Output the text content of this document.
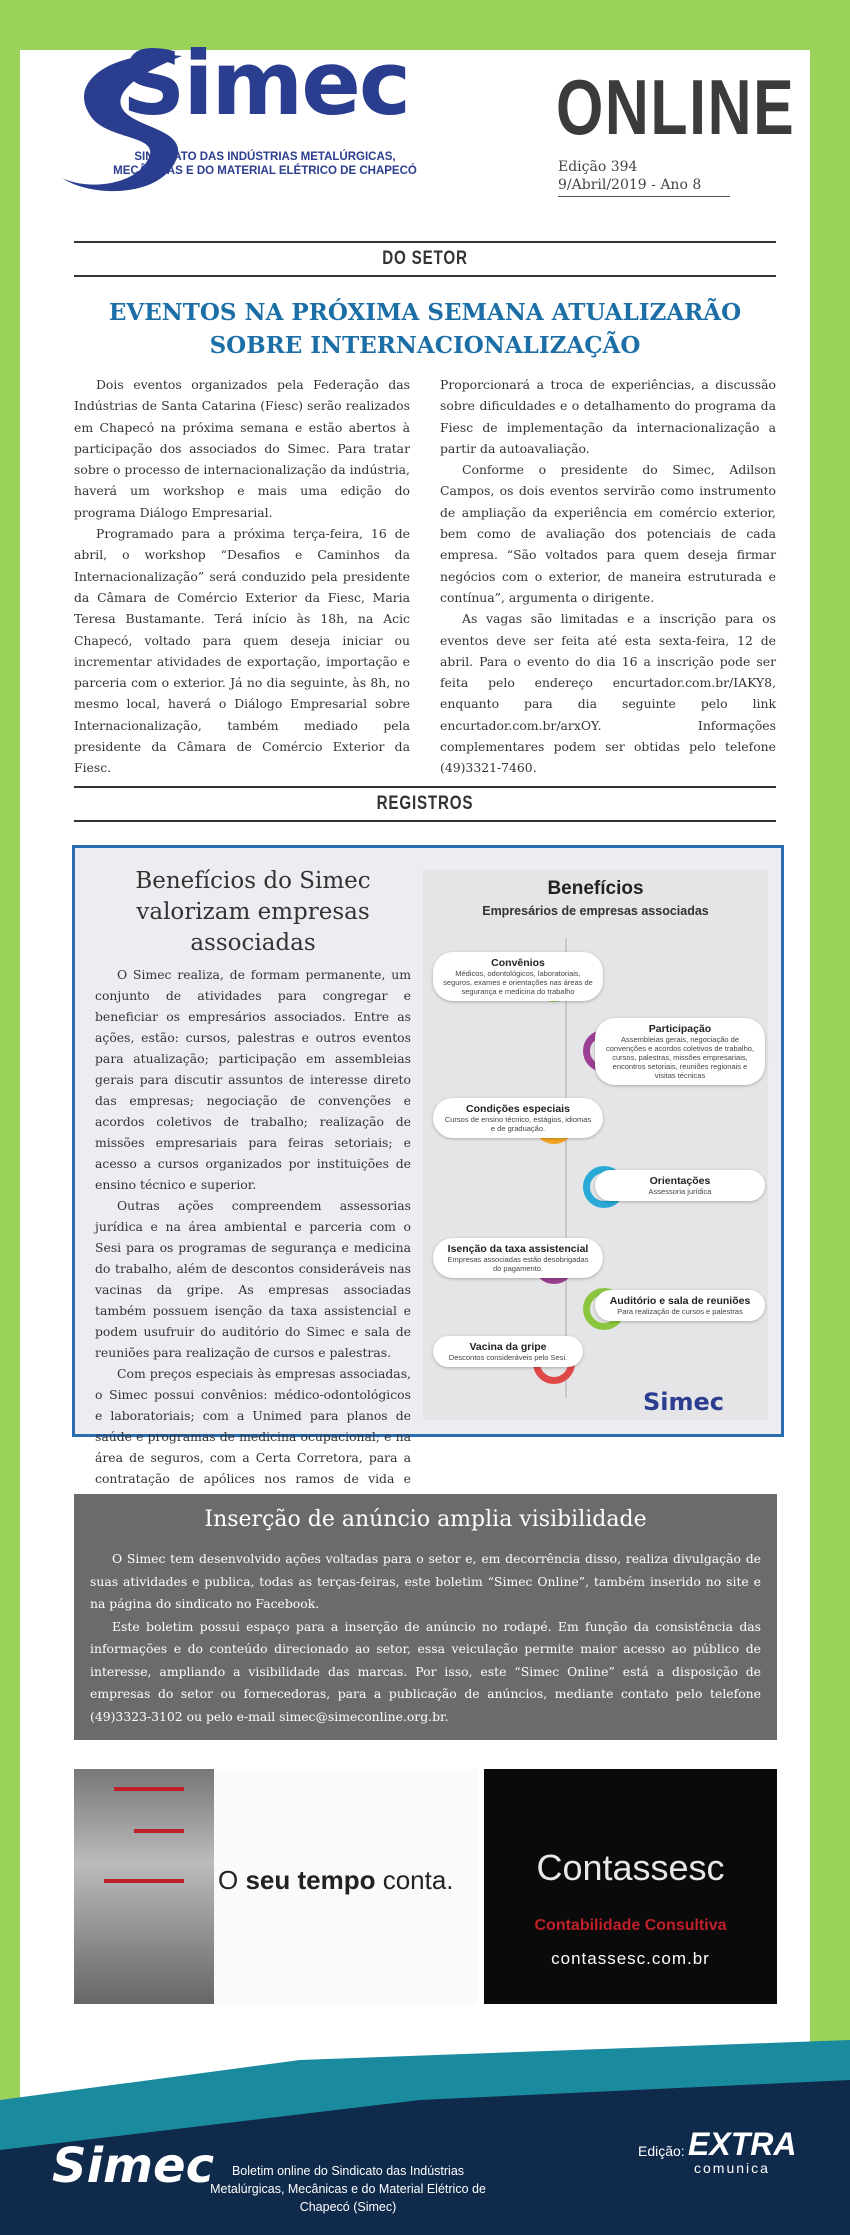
Simec
SINDICATO DAS INDÚSTRIAS METALÚRGICAS, MECÂNICAS E DO MATERIAL ELÉTRICO DE CHAPECÓ
ONLINE
Edição 394
9/Abril/2019 - Ano 8
DO SETOR
EVENTOS NA PRÓXIMA SEMANA ATUALIZARÃO SOBRE INTERNACIONALIZAÇÃO

Dois eventos organizados pela Federação das Indústrias de Santa Catarina (Fiesc) serão realizados em Chapecó na próxima semana e estão abertos à participação dos associados do Simec. Para tratar sobre o processo de internacionalização da indústria, haverá um workshop e mais uma edição do programa Diálogo Empresarial.

Programado para a próxima terça-feira, 16 de abril, o workshop “Desafios e Caminhos da Internacionalização” será conduzido pela presidente da Câmara de Comércio Exterior da Fiesc, Maria Teresa Bustamante. Terá início às 18h, na Acic Chapecó, voltado para quem deseja iniciar ou incrementar atividades de exportação, importação e parceria com o exterior. Já no dia seguinte, às 8h, no mesmo local, haverá o Diálogo Empresarial sobre Internacionalização, também mediado pela presidente da Câmara de Comércio Exterior da Fiesc.

Proporcionará a troca de experiências, a discussão sobre dificuldades e o detalhamento do programa da Fiesc de implementação da internacionalização a partir da autoavaliação.

Conforme o presidente do Simec, Adilson Campos, os dois eventos servirão como instrumento de ampliação da experiência em comércio exterior, bem como de avaliação dos potenciais de cada empresa. “São voltados para quem deseja firmar negócios com o exterior, de maneira estruturada e contínua”, argumenta o dirigente.

As vagas são limitadas e a inscrição para os eventos deve ser feita até esta sexta-feira, 12 de abril. Para o evento do dia 16 a inscrição pode ser feita pelo endereço encurtador.com.br/IAKY8, enquanto para dia seguinte pelo link encurtador.com.br/arxOY. Informações complementares podem ser obtidas pelo telefone (49)3321-7460.

REGISTROS
Benefícios do Simec valorizam empresas associadas

O Simec realiza, de formam permanente, um conjunto de atividades para congregar e beneficiar os empresários associados. Entre as ações, estão: cursos, palestras e outros eventos para atualização; participação em assembleias gerais para discutir assuntos de interesse direto das empresas; negociação de convenções e acordos coletivos de trabalho; realização de missões empresariais para feiras setoriais; e acesso a cursos organizados por instituições de ensino técnico e superior.

Outras ações compreendem assessorias jurídica e na área ambiental e parceria com o Sesi para os programas de segurança e medicina do trabalho, além de descontos consideráveis nas vacinas da gripe. As empresas associadas também possuem isenção da taxa assistencial e podem usufruir do auditório do Simec e sala de reuniões para realização de cursos e palestras.

Com preços especiais às empresas associadas, o Simec possui convênios: médico-odontológicos e laboratoriais; com a Unimed para planos de saúde e programas de medicina ocupacional; e na área de seguros, com a Certa Corretora, para a contratação de apólices nos ramos de vida e

Benefícios
Empresários de empresas associadas
Convênios
Médicos, odontológicos, laboratoriais, seguros, exames e orientações nas áreas de segurança e medicina do trabalho
Participação
Assembleias gerais, negociação de convenções e acordos coletivos de trabalho, cursos, palestras, missões empresariais, encontros setoriais, reuniões regionais e visitas técnicas
Condições especiais
Cursos de ensino técnico, estágios, idiomas e de graduação.
Orientações
Assessoria jurídica
Isenção da taxa assistencial
Empresas associadas estão desobrigadas do pagamento.
Auditório e sala de reuniões
Para realização de cursos e palestras
Vacina da gripe
Descontos consideráveis pelo Sesi.
Simec
Inserção de anúncio amplia visibilidade

O Simec tem desenvolvido ações voltadas para o setor e, em decorrência disso, realiza divulgação de suas atividades e publica, todas as terças-feiras, este boletim “Simec Online”, também inserido no site e na página do sindicato no Facebook.

Este boletim possui espaço para a inserção de anúncio no rodapé. Em função da consistência das informações e do conteúdo direcionado ao setor, essa veiculação permite maior acesso ao público de interesse, ampliando a visibilidade das marcas. Por isso, este “Simec Online” está a disposição de empresas do setor ou fornecedoras, para a publicação de anúncios, mediante contato pelo telefone (49)3323-3102 ou pelo e-mail simec@simeconline.org.br.

O seu tempo conta.	Contassesc
Contabilidade Consultiva
contassesc.com.br
Simec	Boletim online do Sindicato das Indústrias Metalúrgicas, Mecânicas e do Material Elétrico de Chapecó (Simec)
Edição: EXTRA
comunica
